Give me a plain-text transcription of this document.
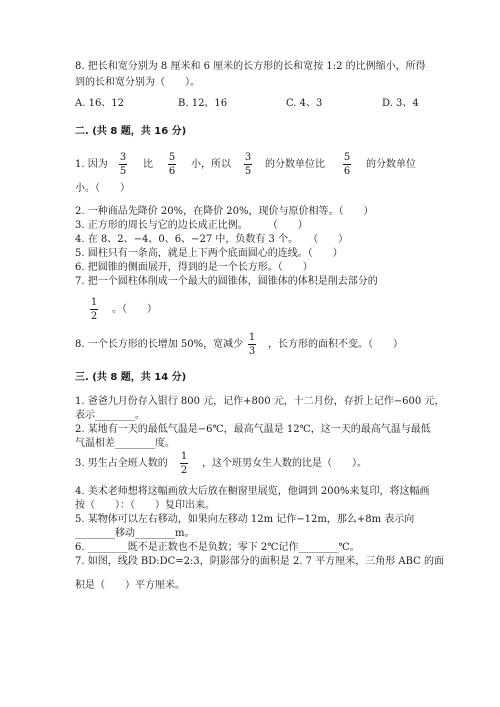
8. 把长和宽分别为 8 厘米和 6 厘米的长方形的长和宽按 1:2 的比例缩小，所得
到的长和宽分别为（　　）。
A. 16、12	B. 12、16	C. 4、3	D. 3、4
二. (共 8 题，共 16 分)
1. 因为
3
5
比
5
6
小，所以
3
5
的分数单位比
5
6
的分数单位
小。（　　）
2. 一种商品先降价 20%，在降价 20%，现价与原价相等。（　　）
3. 正方形的周长与它的边长成正比例。　　　（　　）
4. 在 8、2、−4、0、6、−27 中，负数有 3 个。　　（　　）
5. 圆柱只有一条高，就是上下两个底面圆心的连线。（　　）
6. 把圆锥的侧面展开，得到的是一个长方形。（　　）
7. 把一个圆柱体削成一个最大的圆锥体，圆锥体的体积是削去部分的
1
2
。（　　）
8. 一个长方形的长增加 50%，宽减少
1
3
，长方形的面积不变。（　　）
三. (共 8 题，共 14 分)
1. 爸爸九月份存入银行 800 元，记作+800 元，十二月份，存折上记作−600 元，
表示________。
2. 某地有一天的最低气温是−6℃，最高气温是 12℃，这一天的最高气温与最低
气温相差________度。
3. 男生占全班人数的
1
2
，这个班男女生人数的比是（　　）。
4. 美术老师想将这幅画放大后放在橱窗里展览，他调到 200%来复印，将这幅画
按（　　）：（　　）复印出来。
5. 某物体可以左右移动，如果向左移动 12m 记作−12m，那么+8m 表示向
________移动________m。
6. ________既不是正数也不是负数；零下 2℃记作________℃。
7. 如图，线段 BD:DC=2:3，阴影部分的面积是 2. 7 平方厘米，三角形 ABC 的面
积是（　　）平方厘米。
